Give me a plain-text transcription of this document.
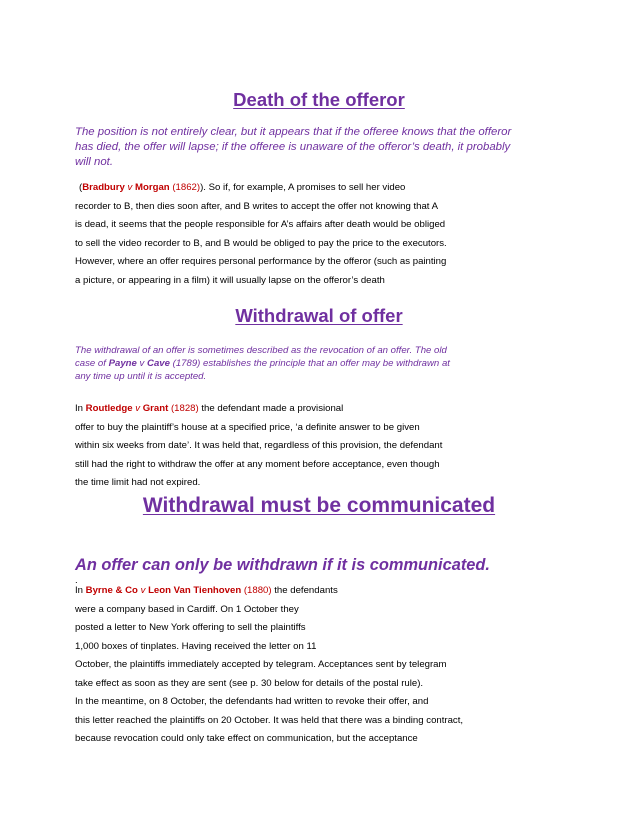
Death of the offeror
The position is not entirely clear, but it appears that if the offeree knows that the offeror
has died, the offer will lapse; if the offeree is unaware of the offeror’s death, it probably
will not.
(Bradbury v Morgan (1862)). So if, for example, A promises to sell her video
recorder to B, then dies soon after, and B writes to accept the offer not knowing that A
is dead, it seems that the people responsible for A’s affairs after death would be obliged
to sell the video recorder to B, and B would be obliged to pay the price to the executors.
However, where an offer requires personal performance by the offeror (such as painting
a picture, or appearing in a film) it will usually lapse on the offeror’s death
Withdrawal of offer
The withdrawal of an offer is sometimes described as the revocation of an offer. The old
case of Payne v Cave (1789) establishes the principle that an offer may be withdrawn at
any time up until it is accepted.
In Routledge v Grant (1828) the defendant made a provisional
offer to buy the plaintiff’s house at a specified price, ‘a definite answer to be given
within six weeks from date’. It was held that, regardless of this provision, the defendant
still had the right to withdraw the offer at any moment before acceptance, even though
the time limit had not expired.
Withdrawal must be communicated
An offer can only be withdrawn if it is communicated.
.
In Byrne & Co v Leon Van Tienhoven (1880) the defendants
were a company based in Cardiff. On 1 October they
posted a letter to New York offering to sell the plaintiffs
1,000 boxes of tinplates. Having received the letter on 11
October, the plaintiffs immediately accepted by telegram. Acceptances sent by telegram
take effect as soon as they are sent (see p. 30 below for details of the postal rule).
In the meantime, on 8 October, the defendants had written to revoke their offer, and
this letter reached the plaintiffs on 20 October. It was held that there was a binding contract,
because revocation could only take effect on communication, but the acceptance
